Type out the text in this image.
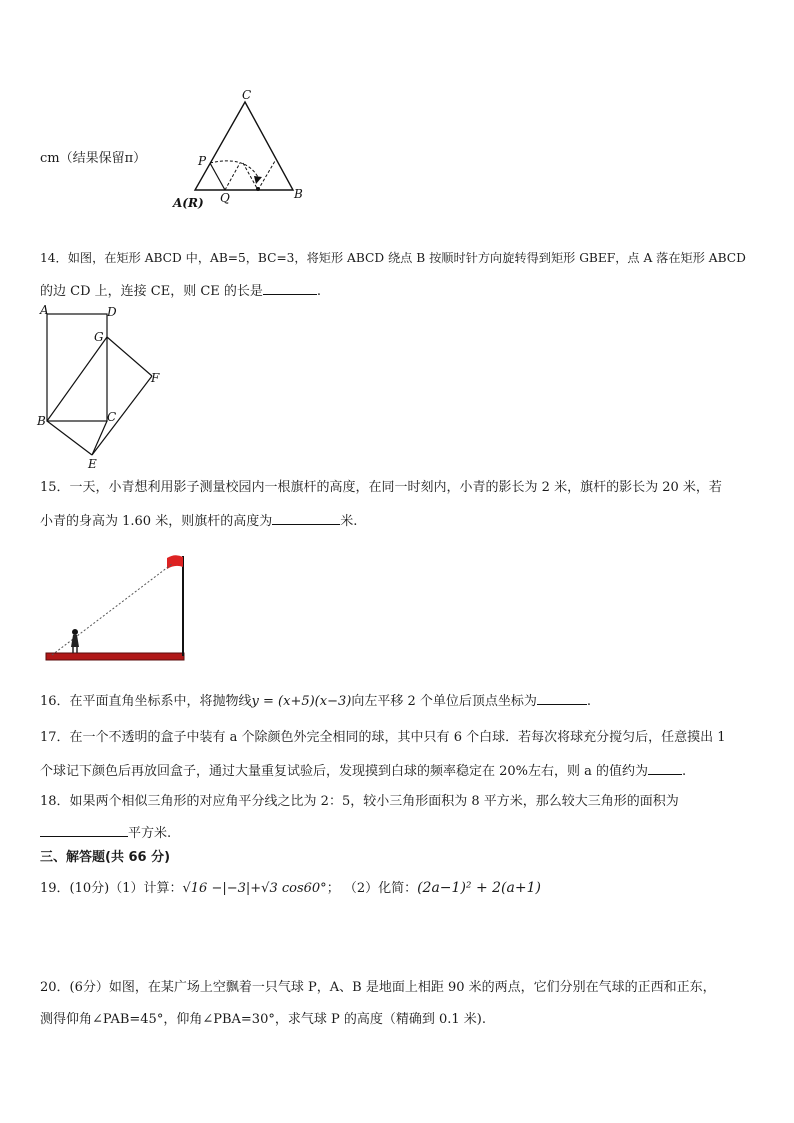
cm（结果保留π）
C
P
A(R) Q	B
14．如图，在矩形 ABCD 中，AB=5，BC=3，将矩形 ABCD 绕点 B 按顺时针方向旋转得到矩形 GBEF，点 A 落在矩形 ABCD
的边 CD 上，连接 CE，则 CE 的长是	.
A	D
G
F
B	C
E
15．一天，小青想利用影子测量校园内一根旗杆的高度，在同一时刻内，小青的影长为 2 米，旗杆的影长为 20 米，若
小青的身高为 1.60 米，则旗杆的高度为	米.
16．在平面直角坐标系中，将抛物线y = (x+5)(x−3)向左平移 2 个单位后顶点坐标为	.
17．在一个不透明的盒子中装有 a 个除颜色外完全相同的球，其中只有 6 个白球．若每次将球充分搅匀后，任意摸出 1
个球记下颜色后再放回盒子，通过大量重复试验后，发现摸到白球的频率稳定在 20%左右，则 a 的值约为	.
18．如果两个相似三角形的对应角平分线之比为 2：5，较小三角形面积为 8 平方米，那么较大三角形的面积为
平方米.
三、解答题(共 66 分)
19．(10分)（1）计算：√16 −|−3|+√3 cos60°； （2）化简：(2a−1)² + 2(a+1)
20．(6分）如图，在某广场上空飘着一只气球 P，A、B 是地面上相距 90 米的两点，它们分别在气球的正西和正东，
测得仰角∠PAB=45°，仰角∠PBA=30°，求气球 P 的高度（精确到 0.1 米).
